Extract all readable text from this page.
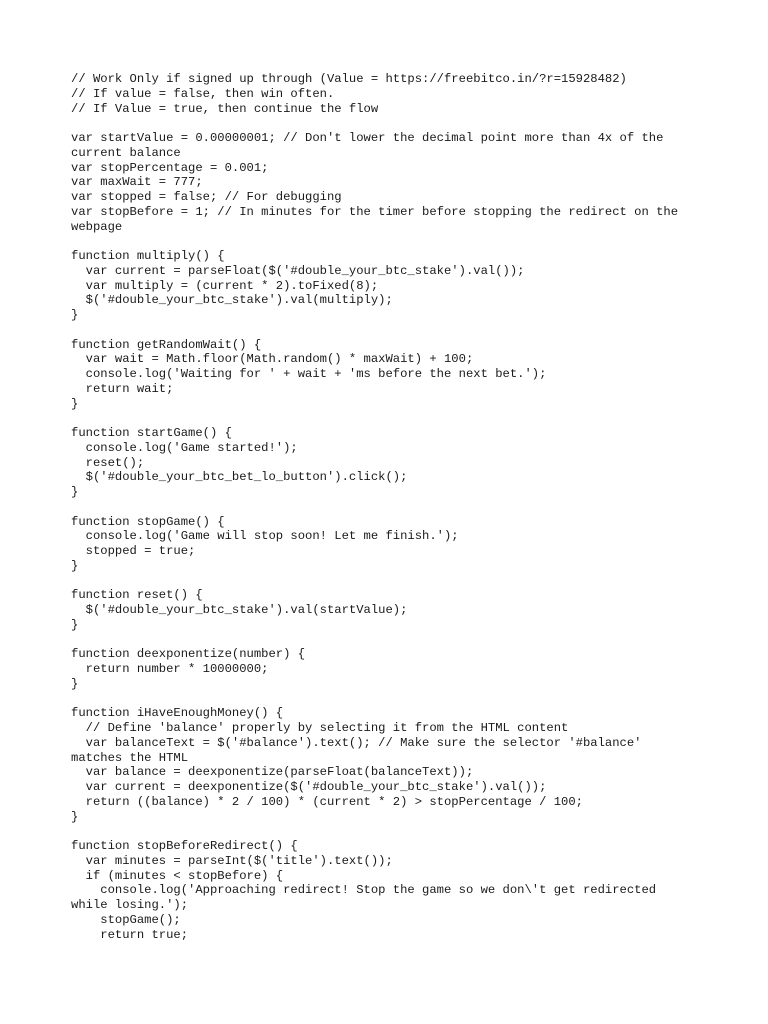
// Work Only if signed up through (Value = https://freebitco.in/?r=15928482)
// If value = false, then win often.
// If Value = true, then continue the flow

var startValue = 0.00000001; // Don't lower the decimal point more than 4x of the
current balance
var stopPercentage = 0.001;
var maxWait = 777;
var stopped = false; // For debugging
var stopBefore = 1; // In minutes for the timer before stopping the redirect on the
webpage

function multiply() {
var current = parseFloat($('#double_your_btc_stake').val());
var multiply = (current * 2).toFixed(8);
$('#double_your_btc_stake').val(multiply);
}

function getRandomWait() {
var wait = Math.floor(Math.random() * maxWait) + 100;
console.log('Waiting for ' + wait + 'ms before the next bet.');
return wait;
}

function startGame() {
console.log('Game started!');
reset();
$('#double_your_btc_bet_lo_button').click();
}

function stopGame() {
console.log('Game will stop soon! Let me finish.');
stopped = true;
}

function reset() {
$('#double_your_btc_stake').val(startValue);
}

function deexponentize(number) {
return number * 10000000;
}

function iHaveEnoughMoney() {
// Define 'balance' properly by selecting it from the HTML content
var balanceText = $('#balance').text(); // Make sure the selector '#balance'
matches the HTML
var balance = deexponentize(parseFloat(balanceText));
var current = deexponentize($('#double_your_btc_stake').val());
return ((balance) * 2 / 100) * (current * 2) > stopPercentage / 100;
}

function stopBeforeRedirect() {
var minutes = parseInt($('title').text());
if (minutes < stopBefore) {
console.log('Approaching redirect! Stop the game so we don\'t get redirected
while losing.');
stopGame();
return true;
